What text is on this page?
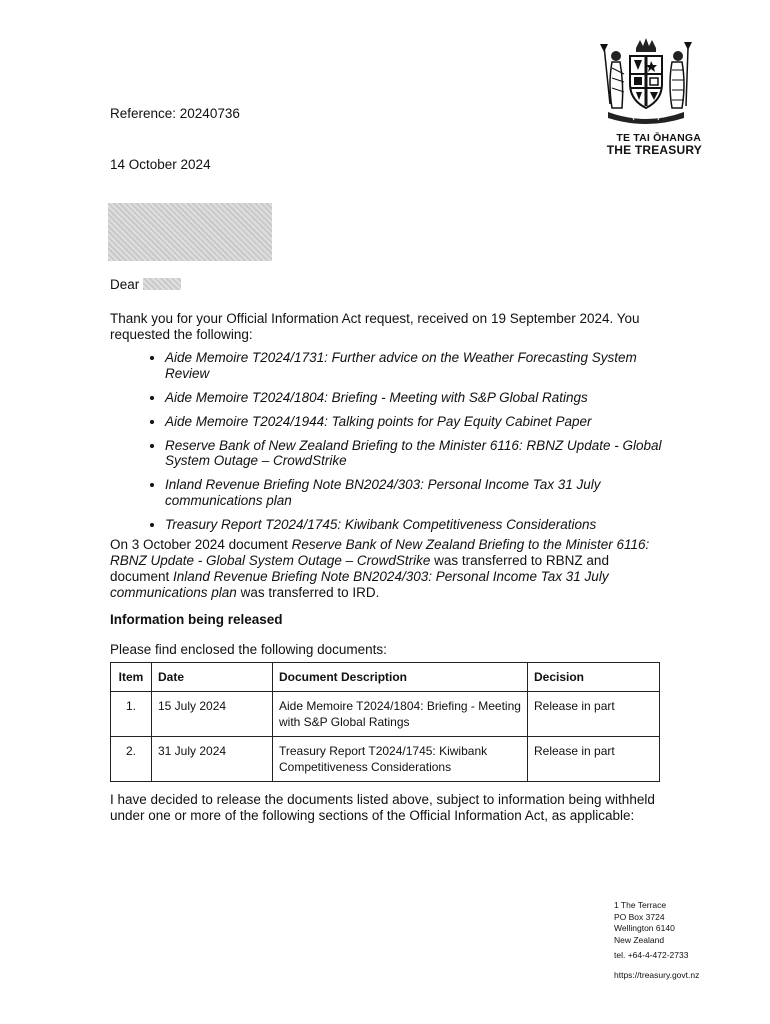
TE TAI ŌHANGA
THE TREASURY
Reference: 20240736
14 October 2024
Dear
Thank you for your Official Information Act request, received on 19 September 2024. You requested the following:
• Aide Memoire T2024/1731: Further advice on the Weather Forecasting System Review
• Aide Memoire T2024/1804: Briefing - Meeting with S&P Global Ratings
• Aide Memoire T2024/1944: Talking points for Pay Equity Cabinet Paper
• Reserve Bank of New Zealand Briefing to the Minister 6116: RBNZ Update - Global System Outage – CrowdStrike
• Inland Revenue Briefing Note BN2024/303: Personal Income Tax 31 July communications plan
• Treasury Report T2024/1745: Kiwibank Competitiveness Considerations
On 3 October 2024 document Reserve Bank of New Zealand Briefing to the Minister 6116: RBNZ Update - Global System Outage – CrowdStrike was transferred to RBNZ and document Inland Revenue Briefing Note BN2024/303: Personal Income Tax 31 July communications plan was transferred to IRD.
Information being released
Please find enclosed the following documents:
Item	Date	Document Description	Decision
1.	15 July 2024	Aide Memoire T2024/1804: Briefing - Meeting with S&P Global Ratings	Release in part
2.	31 July 2024	Treasury Report T2024/1745: Kiwibank Competitiveness Considerations	Release in part
I have decided to release the documents listed above, subject to information being withheld under one or more of the following sections of the Official Information Act, as applicable:
1 The Terrace
PO Box 3724
Wellington 6140
New Zealand
tel. +64-4-472-2733
https://treasury.govt.nz
